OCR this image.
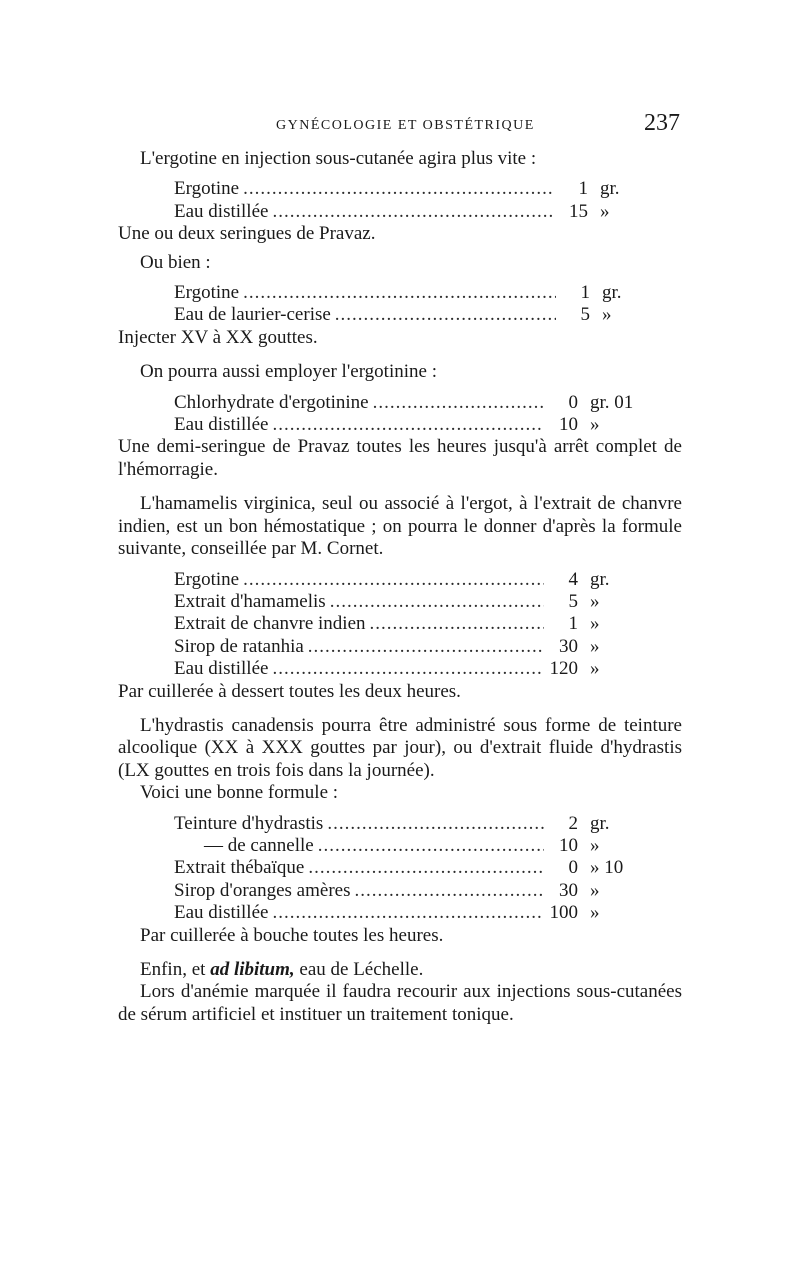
GYNÉCOLOGIE ET OBSTÉTRIQUE	237

L'ergotine en injection sous-cutanée agira plus vite :

Ergotine .....	1 gr.
Eau distillée .....	15 »

Une ou deux seringues de Pravaz.

Ou bien :

Ergotine .....	1 gr.
Eau de laurier-cerise .....	5 »

Injecter XV à XX gouttes.

On pourra aussi employer l'ergotinine :

Chlorhydrate d'ergotinine .....	0 gr. 01
Eau distillée .....	10 »

Une demi-seringue de Pravaz toutes les heures jusqu'à arrêt complet de l'hémorragie.

L'hamamelis virginica, seul ou associé à l'ergot, à l'extrait de chanvre indien, est un bon hémostatique ; on pourra le donner d'après la formule suivante, conseillée par M. Cornet.

Ergotine .....	4 gr.
Extrait d'hamamelis .....	5 »
Extrait de chanvre indien .....	1 »
Sirop de ratanhia .....	30 »
Eau distillée .....	120 »

Par cuillerée à dessert toutes les deux heures.

L'hydrastis canadensis pourra être administré sous forme de teinture alcoolique (XX à XXX gouttes par jour), ou d'extrait fluide d'hydrastis (LX gouttes en trois fois dans la journée).

Voici une bonne formule :

Teinture d'hydrastis .....	2 gr.
— de cannelle .....	10 »
Extrait thébaïque .....	0 » 10
Sirop d'oranges amères .....	30 »
Eau distillée .....	100 »

Par cuillerée à bouche toutes les heures.

Enfin, et ad libitum, eau de Léchelle.

Lors d'anémie marquée il faudra recourir aux injections sous-cutanées de sérum artificiel et instituer un traitement tonique.
